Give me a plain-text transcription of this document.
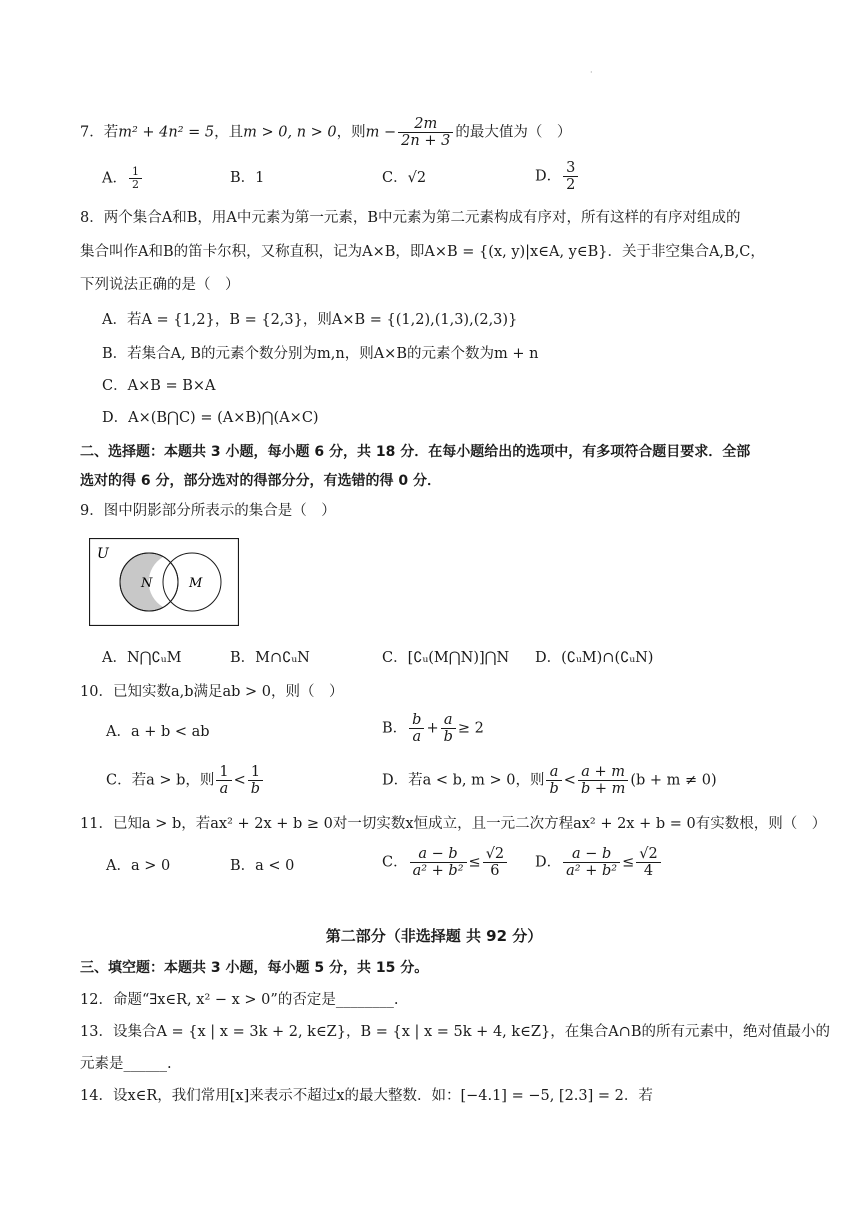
·
7．若m² + 4n² = 5，且m > 0, n > 0，则$m - \frac{2m}{2n + 3}$ 的最大值为（　）
A． $\frac{1}{2}$	B．1	C．√2	D． $\frac{3}{2}$
8．两个集合A和B，用A中元素为第一元素，B中元素为第二元素构成有序对，所有这样的有序对组成的
集合叫作A和B的笛卡尔积，又称直积，记为A×B，即A×B = {(x, y)|x∈A, y∈B}．关于非空集合A,B,C，
下列说法正确的是（　）
A．若A = {1,2}，B = {2,3}，则A×B = {(1,2),(1,3),(2,3)}
B．若集合A, B的元素个数分别为m,n，则A×B的元素个数为m + n
C．A×B = B×A
D．A×(B⋂C) = (A×B)⋂(A×C)
二、选择题：本题共 3 小题，每小题 6 分，共 18 分．在每小题给出的选项中，有多项符合题目要求．全部
选对的得 6 分，部分选对的得部分分，有选错的得 0 分．
9．图中阴影部分所表示的集合是（　）
U
N	M
A．N⋂∁ᵤM	B．M∩∁ᵤN	C．[∁ᵤ(M⋂N)]⋂N D．(∁ᵤM)∩(∁ᵤN)
10．已知实数a,b满足ab > 0，则（　）
A．a + b < ab	B． $\frac{b}{a} + \frac{a}{b} \ge 2$
C．若a > b，则 $\frac{1}{a} < \frac{1}{b}$	D．若a < b, m > 0，则 $\frac{a}{b} < \frac{a + m}{b + m} (b + m \ne 0)$
11．已知a > b，若ax² + 2x + b ≥ 0对一切实数x恒成立，且一元二次方程ax² + 2x + b = 0有实数根，则（　）
A．a > 0	B．a < 0	C． $\frac{a - b}{\text{a² + b²}} \le \frac{√2}{6}$ D． $\frac{a - b}{\text{a² + b²}} \le \frac{√2}{4}$
第二部分（非选择题 共 92 分）
三、填空题：本题共 3 小题，每小题 5 分，共 15 分。
12．命题“∃x∈R, x² − x > 0”的否定是________.
13．设集合A = {x | x = 3k + 2, k∈Z}，B = {x | x = 5k + 4, k∈Z}，在集合A∩B的所有元素中，绝对值最小的
元素是______.
14．设x∈R，我们常用[x]来表示不超过x的最大整数．如：[−4.1] = −5, [2.3] = 2．若
